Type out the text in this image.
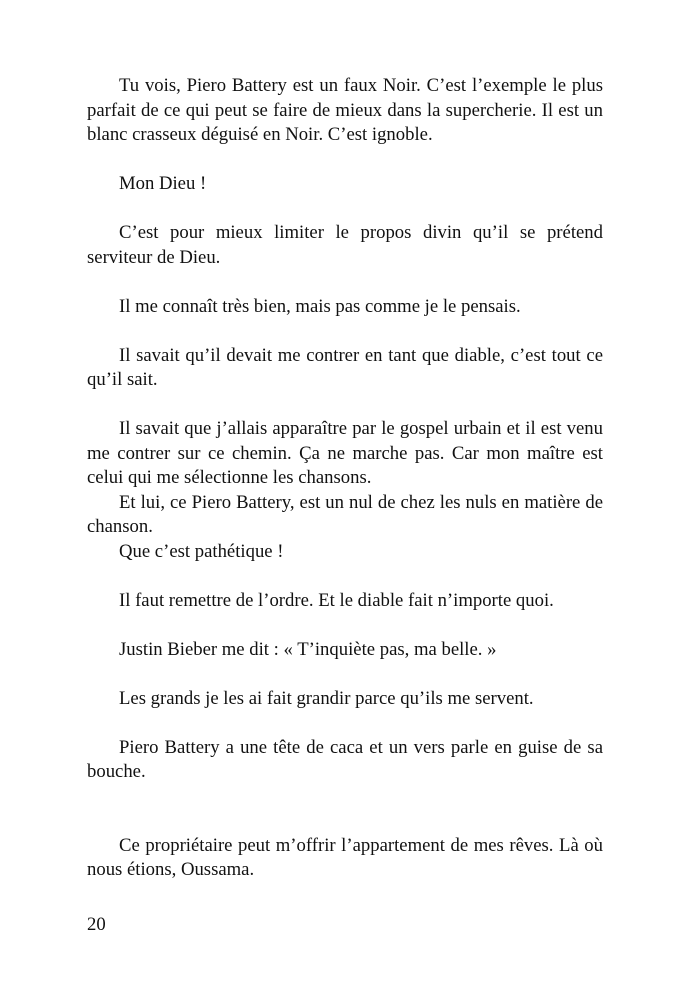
Tu vois, Piero Battery est un faux Noir. C’est l’exemple le plus parfait de ce qui peut se faire de mieux dans la supercherie. Il est un blanc crasseux déguisé en Noir. C’est ignoble.

Mon Dieu !

C’est pour mieux limiter le propos divin qu’il se prétend serviteur de Dieu.

Il me connaît très bien, mais pas comme je le pensais.

Il savait qu’il devait me contrer en tant que diable, c’est tout ce qu’il sait.

Il savait que j’allais apparaître par le gospel urbain et il est venu me contrer sur ce chemin. Ça ne marche pas. Car mon maître est celui qui me sélectionne les chansons.

Et lui, ce Piero Battery, est un nul de chez les nuls en matière de chanson.

Que c’est pathétique !

Il faut remettre de l’ordre. Et le diable fait n’importe quoi.

Justin Bieber me dit : « T’inquiète pas, ma belle. »

Les grands je les ai fait grandir parce qu’ils me servent.

Piero Battery a une tête de caca et un vers parle en guise de sa bouche.

Ce propriétaire peut m’offrir l’appartement de mes rêves. Là où nous étions, Oussama.

20
